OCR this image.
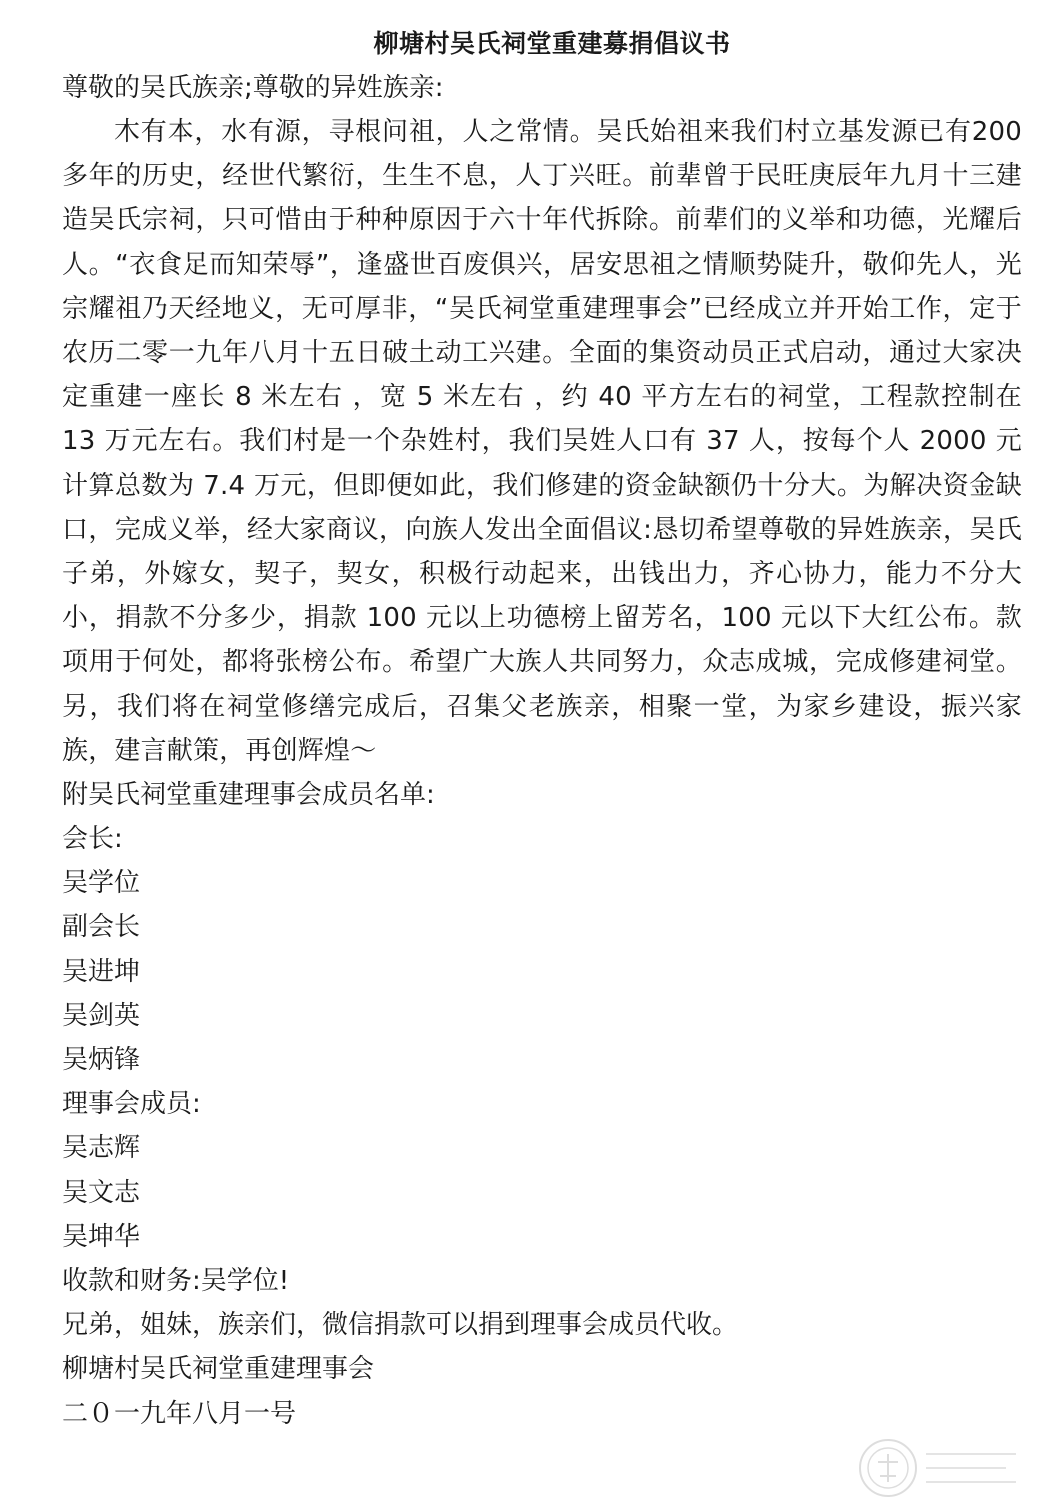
柳塘村吴氏祠堂重建募捐倡议书

尊敬的吴氏族亲;尊敬的异姓族亲:

木有本，水有源，寻根问祖，人之常情。吴氏始祖来我们村立基发源已有200 多年的历史，经世代繁衍，生生不息，人丁兴旺。前辈曾于民旺庚辰年九月十三建造吴氏宗祠，只可惜由于种种原因于六十年代拆除。前辈们的义举和功德，光耀后人。“衣食足而知荣辱”，逢盛世百废俱兴，居安思祖之情顺势陡升，敬仰先人，光宗耀祖乃天经地义，无可厚非，“吴氏祠堂重建理事会”已经成立并开始工作，定于农历二零一九年八月十五日破土动工兴建。全面的集资动员正式启动，通过大家决定重建一座长 8 米左右 ，宽 5 米左右 ，约 40 平方左右的祠堂，工程款控制在 13 万元左右。我们村是一个杂姓村，我们吴姓人口有 37 人，按每个人 2000 元计算总数为 7.4 万元，但即便如此，我们修建的资金缺额仍十分大。为解决资金缺口，完成义举，经大家商议，向族人发出全面倡议:恳切希望尊敬的异姓族亲，吴氏子弟，外嫁女，契子，契女，积极行动起来，出钱出力，齐心协力，能力不分大小，捐款不分多少，捐款 100 元以上功德榜上留芳名，100 元以下大红公布。款项用于何处，都将张榜公布。希望广大族人共同努力，众志成城，完成修建祠堂。另，我们将在祠堂修缮完成后，召集父老族亲，相聚一堂，为家乡建设，振兴家族，建言献策，再创辉煌～

附吴氏祠堂重建理事会成员名单:

会长:
吴学位
副会长
吴进坤
吴剑英
吴炳锋
理事会成员:
吴志辉
吴文志
吴坤华
收款和财务:吴学位!
兄弟，姐妹，族亲们，微信捐款可以捐到理事会成员代收。
柳塘村吴氏祠堂重建理事会
二０一九年八月一号
